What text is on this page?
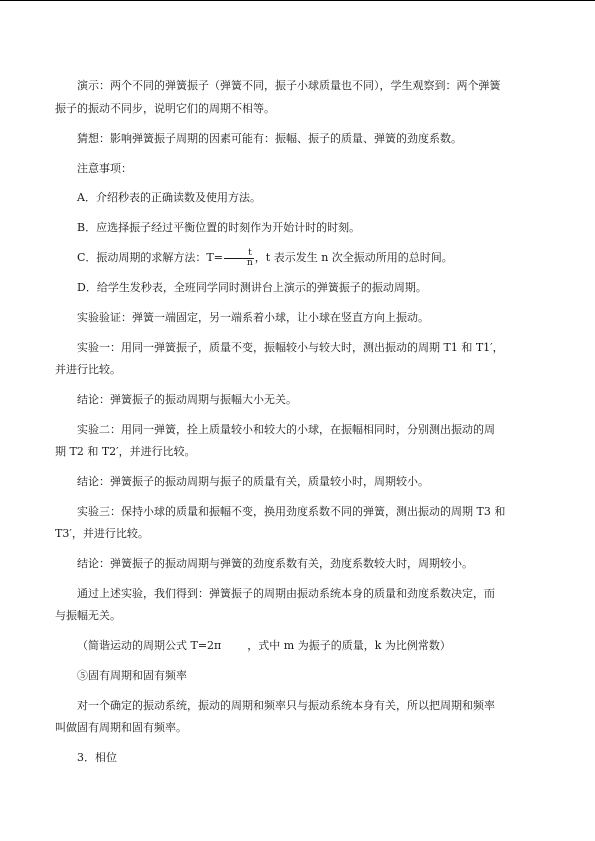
演示：两个不同的弹簧振子（弹簧不同，振子小球质量也不同），学生观察到：两个弹簧
振子的振动不同步，说明它们的周期不相等。
猜想：影响弹簧振子周期的因素可能有：振幅、振子的质量、弹簧的劲度系数。
注意事项：
A．介绍秒表的正确读数及使用方法。
B．应选择振子经过平衡位置的时刻作为开始计时的时刻。
C．振动周期的求解方法：$T= \frac{t}{n}$ ，t 表示发生 n 次全振动所用的总时间。
D．给学生发秒表，全班同学同时测讲台上演示的弹簧振子的振动周期。
实验验证：弹簧一端固定，另一端系着小球，让小球在竖直方向上振动。
实验一：用同一弹簧振子，质量不变，振幅较小与较大时，测出振动的周期 T1 和 T1′，
并进行比较。
结论：弹簧振子的振动周期与振幅大小无关。
实验二：用同一弹簧，拴上质量较小和较大的小球，在振幅相同时，分别测出振动的周
期 T2 和 T2′，并进行比较。
结论：弹簧振子的振动周期与振子的质量有关，质量较小时，周期较小。
实验三：保持小球的质量和振幅不变，换用劲度系数不同的弹簧，测出振动的周期 T3 和
T3′，并进行比较。
结论：弹簧振子的振动周期与弹簧的劲度系数有关，劲度系数较大时，周期较小。
通过上述实验，我们得到：弹簧振子的周期由振动系统本身的质量和劲度系数决定，而
与振幅无关。
（简谐运动的周期公式 T=2π ，式中 m 为振子的质量，k 为比例常数）
⑤固有周期和固有频率
对一个确定的振动系统，振动的周期和频率只与振动系统本身有关，所以把周期和频率
叫做固有周期和固有频率。
3．相位
